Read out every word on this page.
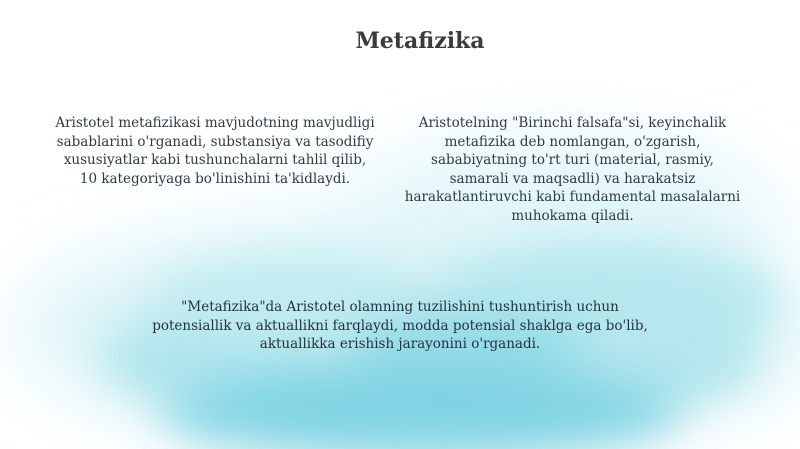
Metafizika

Aristotel metafizikasi mavjudotning mavjudligi sabablarini o'rganadi, substansiya va tasodifiy xususiyatlar kabi tushunchalarni tahlil qilib, 10 kategoriyaga bo'linishini ta'kidlaydi.

Aristotelning "Birinchi falsafa"si, keyinchalik metafizika deb nomlangan, o'zgarish, sababiyatning to'rt turi (material, rasmiy, samarali va maqsadli) va harakatsiz harakatlantiruvchi kabi fundamental masalalarni muhokama qiladi.

"Metafizika"da Aristotel olamning tuzilishini tushuntirish uchun potensiallik va aktuallikni farqlaydi, modda potensial shaklga ega bo'lib, aktuallikka erishish jarayonini o'rganadi.
